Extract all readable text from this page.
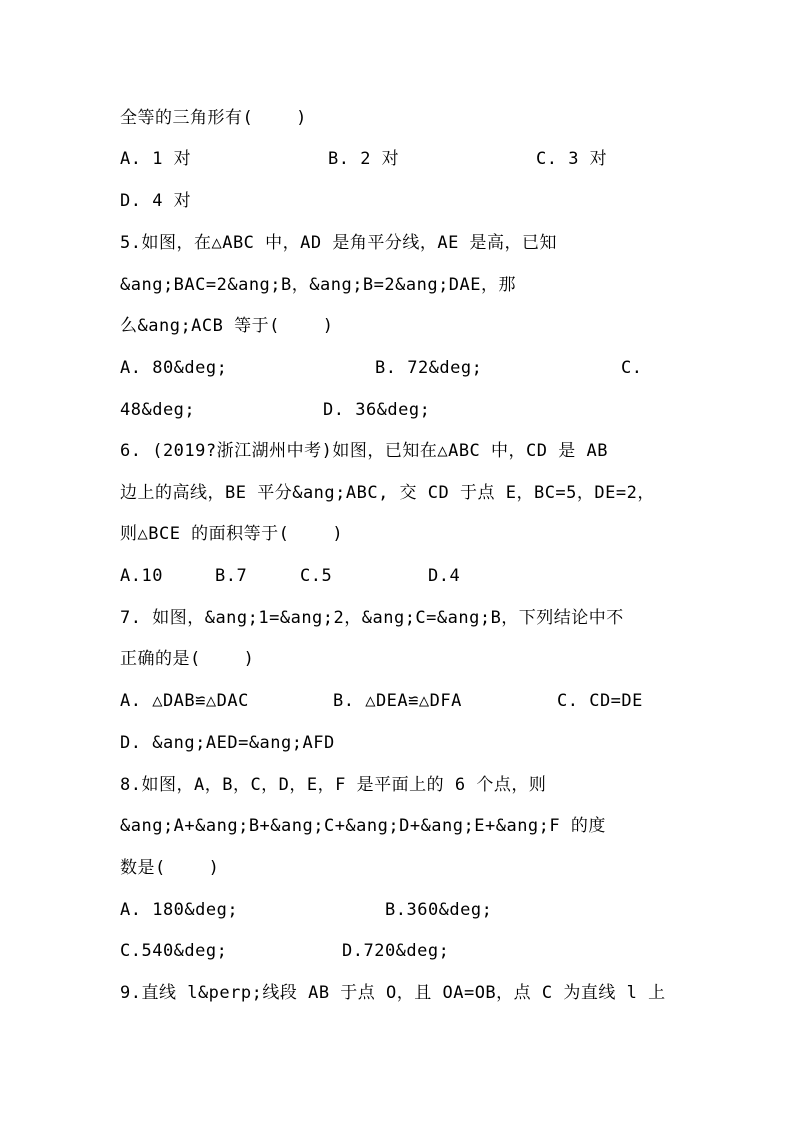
全等的三角形有(    )
A. 1 对	B. 2 对	C. 3 对
D. 4 对
5.如图，在△ABC 中，AD 是角平分线，AE 是高，已知
&ang;BAC=2&ang;B，&ang;B=2&ang;DAE，那
么&ang;ACB 等于(    )
A. 80&deg;	B. 72&deg;	C.
48&deg;	D. 36&deg;
6. (2019?浙江湖州中考)如图，已知在△ABC 中，CD 是 AB
边上的高线，BE 平分&ang;ABC, 交 CD 于点 E，BC=5，DE=2，
则△BCE 的面积等于(    )
A.10	B.7	C.5	D.4
7. 如图，&ang;1=&ang;2，&ang;C=&ang;B，下列结论中不
正确的是(    )
A. △DAB≌△DAC	B. △DEA≌△DFA	C. CD=DE
D. &ang;AED=&ang;AFD
8.如图，A，B，C，D，E，F 是平面上的 6 个点，则
&ang;A+&ang;B+&ang;C+&ang;D+&ang;E+&ang;F 的度
数是(    )
A. 180&deg;	B.360&deg;
C.540&deg;	D.720&deg;
9.直线 l&perp;线段 AB 于点 O，且 OA=OB，点 C 为直线 l 上
